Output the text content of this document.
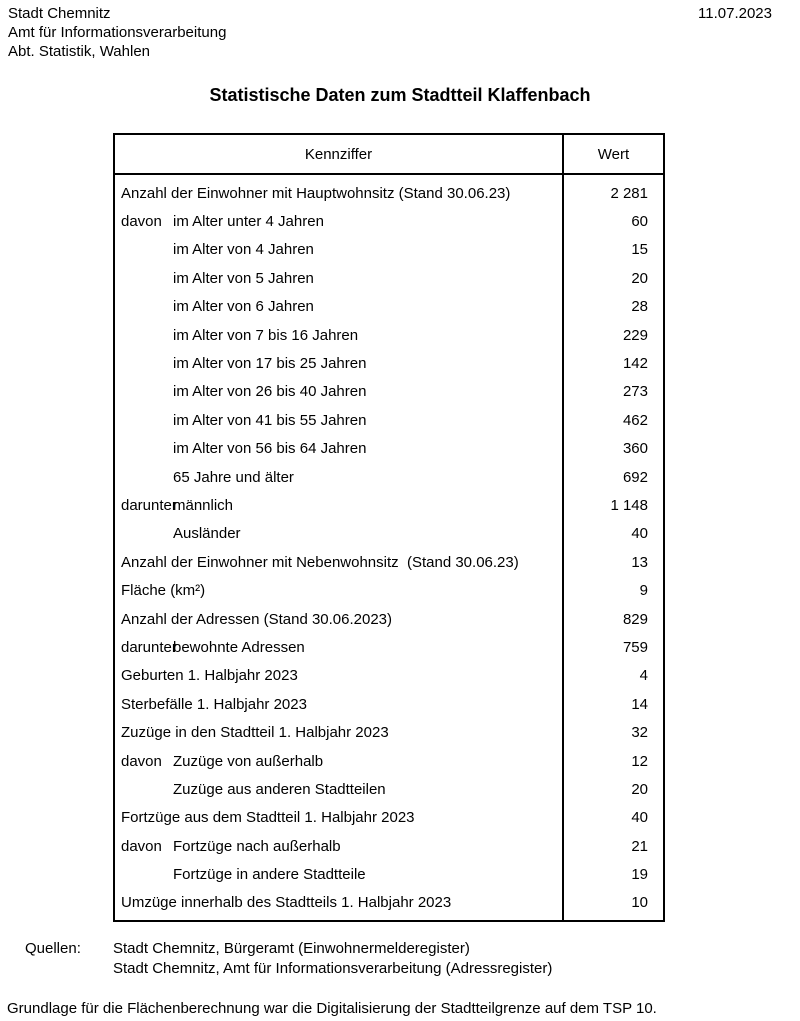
Stadt Chemnitz
Amt für Informationsverarbeitung
Abt. Statistik, Wahlen
11.07.2023
Statistische Daten zum Stadtteil Klaffenbach
Kennziffer	Wert
Anzahl der Einwohner mit Hauptwohnsitz (Stand 30.06.23)	2 281
davon im Alter unter 4 Jahren	60
im Alter von 4 Jahren	15
im Alter von 5 Jahren	20
im Alter von 6 Jahren	28
im Alter von 7 bis 16 Jahren	229
im Alter von 17 bis 25 Jahren	142
im Alter von 26 bis 40 Jahren	273
im Alter von 41 bis 55 Jahren	462
im Alter von 56 bis 64 Jahren	360
65 Jahre und älter	692
daruntermännlich	1 148
Ausländer	40
Anzahl der Einwohner mit Nebenwohnsitz  (Stand 30.06.23)	13
Fläche (km²)	9
Anzahl der Adressen (Stand 30.06.2023)	829
darunterbewohnte Adressen	759
Geburten 1. Halbjahr 2023	4
Sterbefälle 1. Halbjahr 2023	14
Zuzüge in den Stadtteil 1. Halbjahr 2023	32
davon Zuzüge von außerhalb	12
Zuzüge aus anderen Stadtteilen	20
Fortzüge aus dem Stadtteil 1. Halbjahr 2023	40
davon Fortzüge nach außerhalb	21
Fortzüge in andere Stadtteile	19
Umzüge innerhalb des Stadtteils 1. Halbjahr 2023	10
Quellen:	Stadt Chemnitz, Bürgeramt (Einwohnermelderegister)
Stadt Chemnitz, Amt für Informationsverarbeitung (Adressregister)
Grundlage für die Flächenberechnung war die Digitalisierung der Stadtteilgrenze auf dem TSP 10.
